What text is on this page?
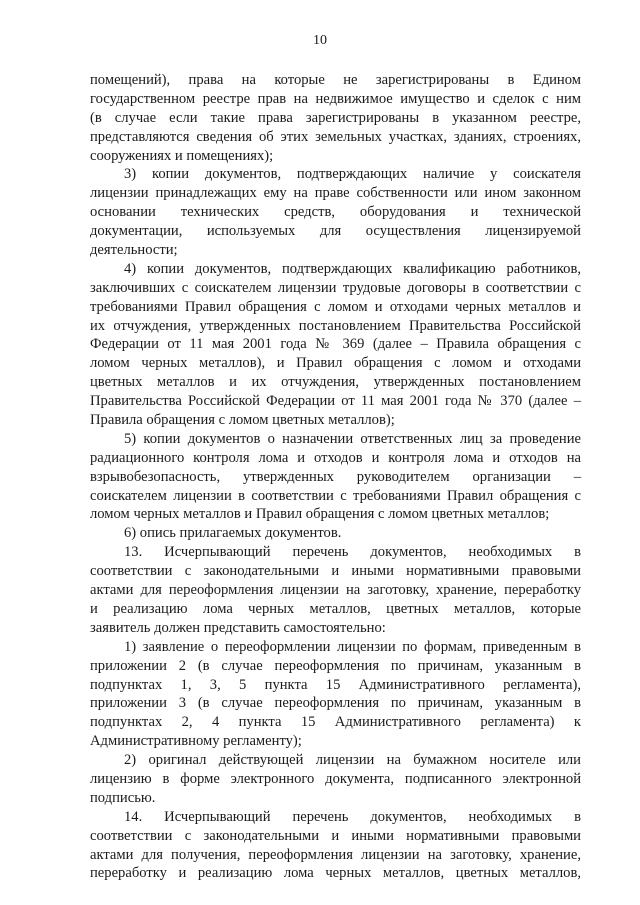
10

помещений), права на которые не зарегистрированы в Едином
государственном реестре прав на недвижимое имущество и сделок с ним
(в случае если такие права зарегистрированы в указанном реестре,
представляются сведения об этих земельных участках, зданиях, строениях,
сооружениях и помещениях);

3) копии документов, подтверждающих наличие у соискателя
лицензии принадлежащих ему на праве собственности или ином законном
основании технических средств, оборудования и технической
документации, используемых для осуществления лицензируемой
деятельности;

4) копии документов, подтверждающих квалификацию работников,
заключивших с соискателем лицензии трудовые договоры в соответствии с
требованиями Правил обращения с ломом и отходами черных металлов и
их отчуждения, утвержденных постановлением Правительства Российской
Федерации от 11 мая 2001 года № 369 (далее – Правила обращения с
ломом черных металлов), и Правил обращения с ломом и отходами
цветных металлов и их отчуждения, утвержденных постановлением
Правительства Российской Федерации от 11 мая 2001 года № 370 (далее –
Правила обращения с ломом цветных металлов);

5) копии документов о назначении ответственных лиц за проведение
радиационного контроля лома и отходов и контроля лома и отходов на
взрывобезопасность, утвержденных руководителем организации –
соискателем лицензии в соответствии с требованиями Правил обращения с
ломом черных металлов и Правил обращения с ломом цветных металлов;

6) опись прилагаемых документов.

13. Исчерпывающий перечень документов, необходимых в
соответствии с законодательными и иными нормативными правовыми
актами для переоформления лицензии на заготовку, хранение, переработку
и реализацию лома черных металлов, цветных металлов, которые
заявитель должен представить самостоятельно:

1) заявление о переоформлении лицензии по формам, приведенным в
приложении 2 (в случае переоформления по причинам, указанным в
подпунктах 1, 3, 5 пункта 15 Административного регламента),
приложении 3 (в случае переоформления по причинам, указанным в
подпунктах 2, 4 пункта 15 Административного регламента) к
Административному регламенту);

2) оригинал действующей лицензии на бумажном носителе или
лицензию в форме электронного документа, подписанного электронной
подписью.

14. Исчерпывающий перечень документов, необходимых в
соответствии с законодательными и иными нормативными правовыми
актами для получения, переоформления лицензии на заготовку, хранение,
переработку и реализацию лома черных металлов, цветных металлов,
